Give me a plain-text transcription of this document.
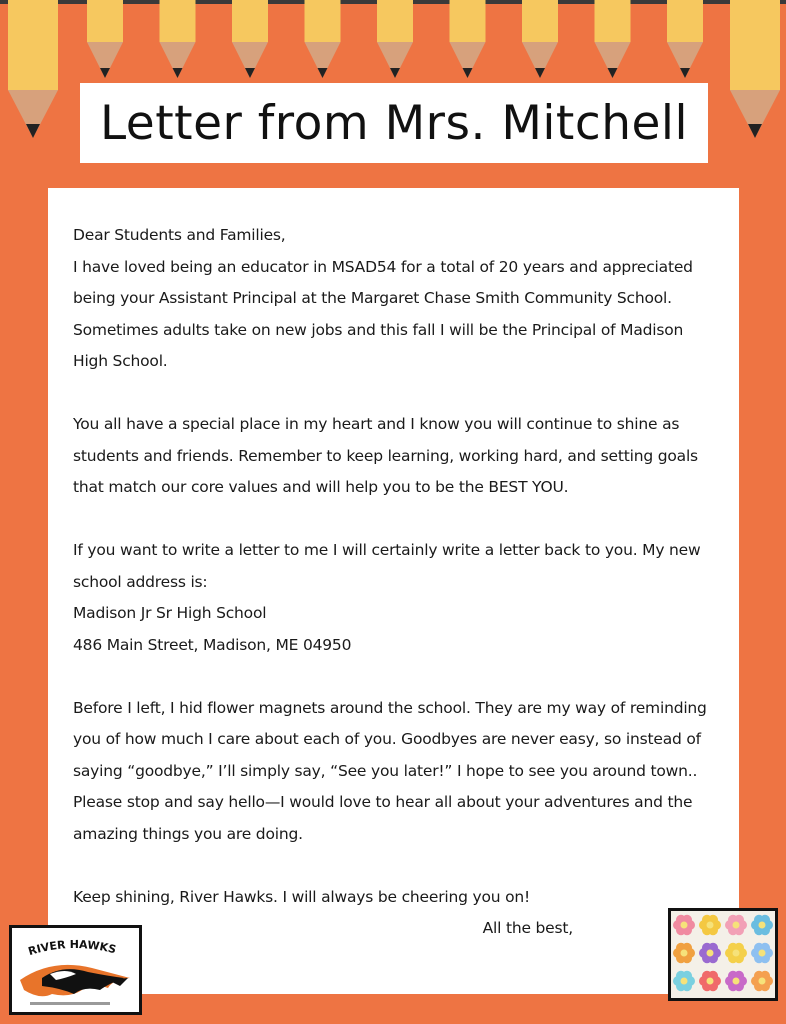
Letter from Mrs. Mitchell

Dear Students and Families,

I have loved being an educator in MSAD54 for a total of 20 years and appreciated being your Assistant Principal at the Margaret Chase Smith Community School. Sometimes adults take on new jobs and this fall I will be the Principal of Madison High School.

You all have a special place in my heart and I know you will continue to shine as students and friends. Remember to keep learning, working hard, and setting goals that match our core values and will help you to be the BEST YOU.

If you want to write a letter to me I will certainly write a letter back to you. My new school address is:

Madison Jr Sr High School

486 Main Street, Madison, ME 04950

Before I left, I hid flower magnets around the school. They are my way of reminding you of how much I care about each of you. Goodbyes are never easy, so instead of saying “goodbye,” I’ll simply say, “See you later!” I hope to see you around town.. Please stop and say hello—I would love to hear all about your adventures and the amazing things you are doing.

Keep shining, River Hawks. I will always be cheering you on!

All the best,

RIVER HAWKS
